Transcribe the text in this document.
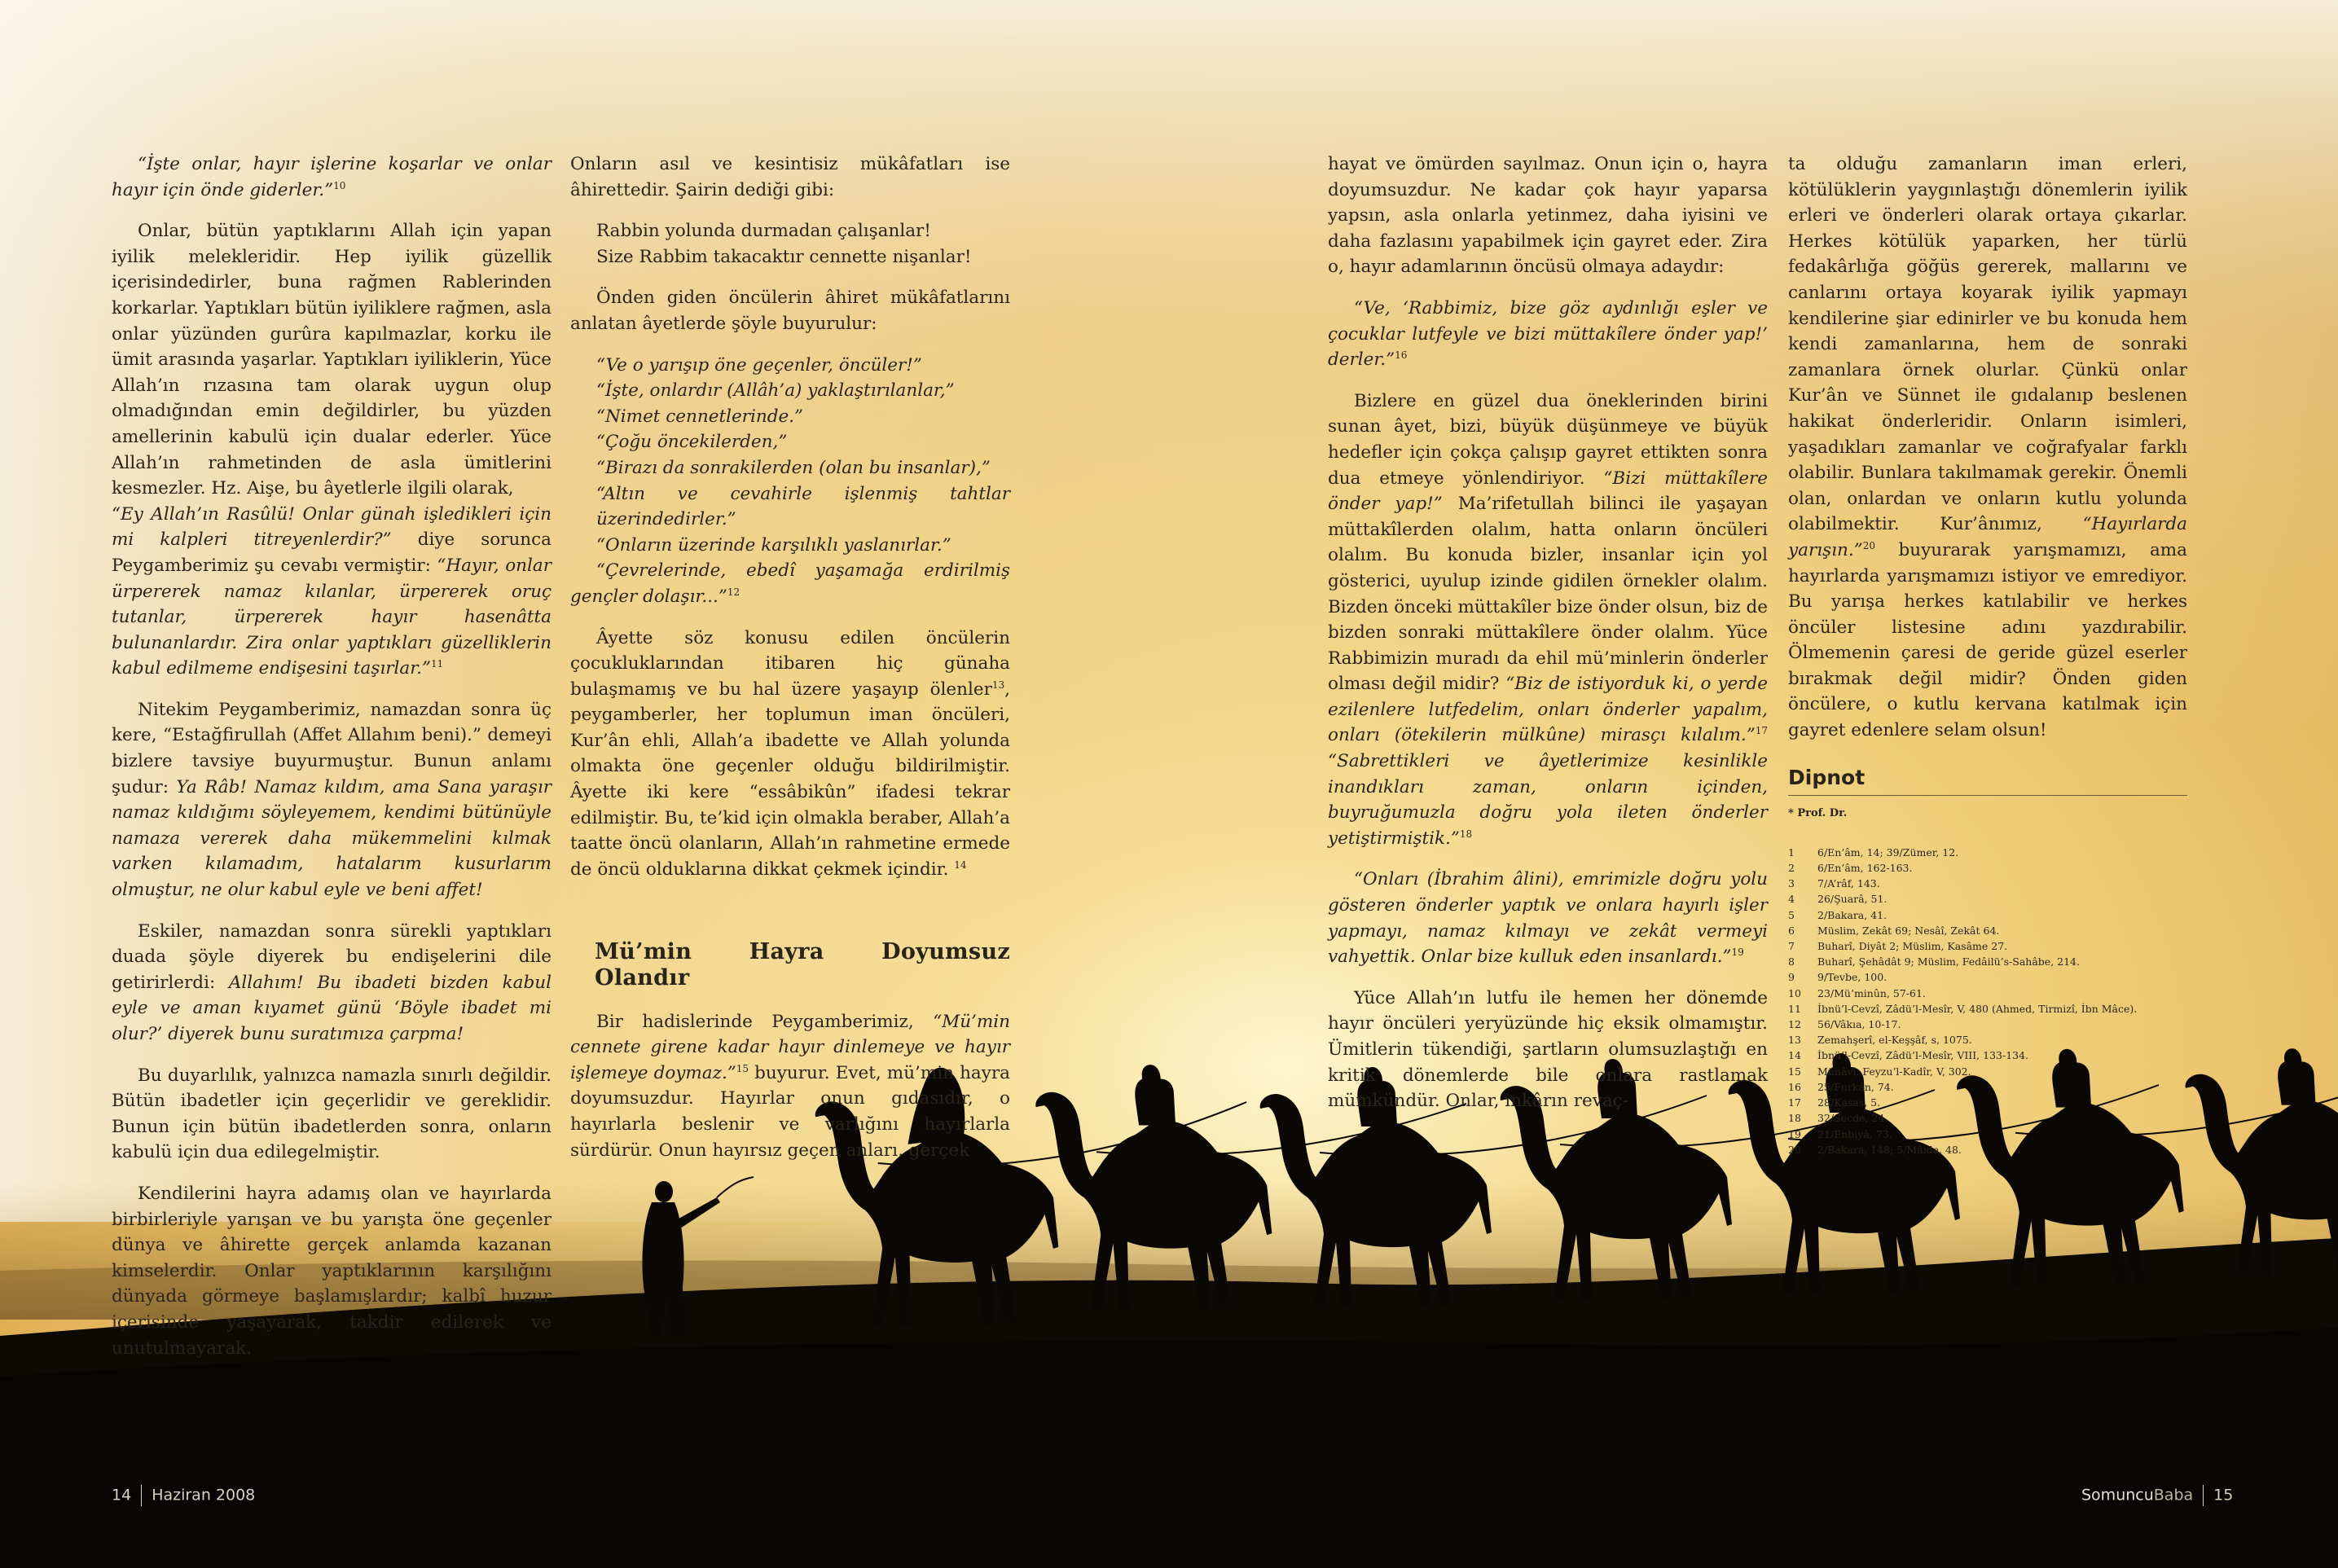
“İşte onlar, hayır işlerine koşarlar ve onlar hayır için önde giderler.”$^{10}$

Onlar, bütün yaptıklarını Allah için yapan iyilik melekleridir. Hep iyilik güzellik içerisindedirler, buna rağmen Rablerinden korkarlar. Yaptıkları bütün iyiliklere rağmen, asla onlar yüzünden gurûra kapılmazlar, korku ile ümit arasında yaşarlar. Yaptıkları iyiliklerin, Yüce Allah’ın rızasına tam olarak uygun olup olmadığından emin değildirler, bu yüzden amellerinin kabulü için dualar ederler. Yüce Allah’ın rahmetinden de asla ümitlerini kesmezler. Hz. Aişe, bu âyetlerle ilgili olarak,

“Ey Allah’ın Rasûlü! Onlar günah işledikleri için mi kalpleri titreyenlerdir?” diye sorunca Peygamberimiz şu cevabı vermiştir: “Hayır, onlar ürpererek namaz kılanlar, ürpererek oruç tutanlar, ürpererek hayır hasenâtta bulunanlardır. Zira onlar yaptıkları güzelliklerin kabul edilmeme endişesini taşırlar.”$^{11}$

Nitekim Peygamberimiz, namazdan sonra üç kere, “Estağfirullah (Affet Allahım beni).” demeyi bizlere tavsiye buyurmuştur. Bunun anlamı şudur: Ya Râb! Namaz kıldım, ama Sana yaraşır namaz kıldığımı söyleyemem, kendimi bütünüyle namaza vererek daha mükemmelini kılmak varken kılamadım, hatalarım kusurlarım olmuştur, ne olur kabul eyle ve beni affet!

Eskiler, namazdan sonra sürekli yaptıkları duada şöyle diyerek bu endişelerini dile getirirlerdi: Allahım! Bu ibadeti bizden kabul eyle ve aman kıyamet günü ‘Böyle ibadet mi olur?’ diyerek bunu suratımıza çarpma!

Bu duyarlılık, yalnızca namazla sınırlı değildir. Bütün ibadetler için geçerlidir ve gereklidir. Bunun için bütün ibadetlerden sonra, onların kabulü için dua edilegelmiştir.

Kendilerini hayra adamış olan ve hayırlarda birbirleriyle yarışan ve bu yarışta öne geçenler dünya ve âhirette gerçek anlamda kazanan kimselerdir. Onlar yaptıklarının karşılığını dünyada görmeye başlamışlardır; kalbî huzur içerisinde yaşayarak, takdir edilerek ve unutulmayarak.

Onların asıl ve kesintisiz mükâfatları ise âhirettedir. Şairin dediği gibi:

Rabbin yolunda durmadan çalışanlar!

Size Rabbim takacaktır cennette nişanlar!

Önden giden öncülerin âhiret mükâfatlarını anlatan âyetlerde şöyle buyurulur:

“Ve o yarışıp öne geçenler, öncüler!”

“İşte, onlardır (Allâh’a) yaklaştırılanlar,”

“Nimet cennetlerinde.”

“Çoğu öncekilerden,”

“Birazı da sonrakilerden (olan bu insanlar),”

“Altın ve cevahirle işlenmiş tahtlar üzerindedirler.”

“Onların üzerinde karşılıklı yaslanırlar.”

“Çevrelerinde, ebedî yaşamağa erdirilmiş gençler dolaşır...”$^{12}$

Âyette söz konusu edilen öncülerin çocukluklarından itibaren hiç günaha bulaşmamış ve bu hal üzere yaşayıp ölenler$^{13}$, peygamberler, her toplumun iman öncüleri, Kur’ân ehli, Allah’a ibadette ve Allah yolunda olmakta öne geçenler olduğu bildirilmiştir. Âyette iki kere “essâbikûn” ifadesi tekrar edilmiştir. Bu, te’kid için olmakla beraber, Allah’a taatte öncü olanların, Allah’ın rahmetine ermede de öncü olduklarına dikkat çekmek içindir. $^{14}$

Mü’min Hayra Doyumsuz Olandır

Bir hadislerinde Peygamberimiz, “Mü’min cennete girene kadar hayır dinlemeye ve hayır işlemeye doymaz.”$^{15}$ buyurur. Evet, mü’min hayra doyumsuzdur. Hayırlar onun gıdasıdır, o hayırlarla beslenir ve varlığını hayırlarla sürdürür. Onun hayırsız geçen anları, gerçek

hayat ve ömürden sayılmaz. Onun için o, hayra doyumsuzdur. Ne kadar çok hayır yaparsa yapsın, asla onlarla yetinmez, daha iyisini ve daha fazlasını yapabilmek için gayret eder. Zira o, hayır adamlarının öncüsü olmaya adaydır:

“Ve, ‘Rabbimiz, bize göz aydınlığı eşler ve çocuklar lutfeyle ve bizi müttakîlere önder yap!’ derler.”$^{16}$

Bizlere en güzel dua öneklerinden birini sunan âyet, bizi, büyük düşünmeye ve büyük hedefler için çokça çalışıp gayret ettikten sonra dua etmeye yönlendiriyor. “Bizi müttakîlere önder yap!” Ma’rifetullah bilinci ile yaşayan müttakîlerden olalım, hatta onların öncüleri olalım. Bu konuda bizler, insanlar için yol gösterici, uyulup izinde gidilen örnekler olalım. Bizden önceki müttakîler bize önder olsun, biz de bizden sonraki müttakîlere önder olalım. Yüce Rabbimizin muradı da ehil mü’minlerin önderler olması değil midir? “Biz de istiyorduk ki, o yerde ezilenlere lutfedelim, onları önderler yapalım, onları (ötekilerin mülkûne) mirasçı kılalım.”$^{17}$ “Sabrettikleri ve âyetlerimize kesinlikle inandıkları zaman, onların içinden, buyruğumuzla doğru yola ileten önderler yetiştirmiştik.”$^{18}$

“Onları (İbrahim âlini), emrimizle doğru yolu gösteren önderler yaptık ve onlara hayırlı işler yapmayı, namaz kılmayı ve zekât vermeyi vahyettik. Onlar bize kulluk eden insanlardı.”$^{19}$

Yüce Allah’ın lutfu ile hemen her dönemde hayır öncüleri yeryüzünde hiç eksik olmamıştır. Ümitlerin tükendiği, şartların olumsuzlaştığı en kritik dönemlerde bile onlara rastlamak mümkündür. Onlar, inkârın revaç-

ta olduğu zamanların iman erleri, kötülüklerin yaygınlaştığı dönemlerin iyilik erleri ve önderleri olarak ortaya çıkarlar. Herkes kötülük yaparken, her türlü fedakârlığa göğüs gererek, mallarını ve canlarını ortaya koyarak iyilik yapmayı kendilerine şiar edinirler ve bu konuda hem kendi zamanlarına, hem de sonraki zamanlara örnek olurlar. Çünkü onlar Kur’ân ve Sünnet ile gıdalanıp beslenen hakikat önderleridir. Onların isimleri, yaşadıkları zamanlar ve coğrafyalar farklı olabilir. Bunlara takılmamak gerekir. Önemli olan, onlardan ve onların kutlu yolunda olabilmektir. Kur’ânımız, “Hayırlarda yarışın.”$^{20}$ buyurarak yarışmamızı, ama hayırlarda yarışmamızı istiyor ve emrediyor. Bu yarışa herkes katılabilir ve herkes öncüler listesine adını yazdırabilir. Ölmemenin çaresi de geride güzel eserler bırakmak değil midir? Önden giden öncülere, o kutlu kervana katılmak için gayret edenlere selam olsun!

Dipnot
* Prof. Dr.
1	6/En’âm, 14; 39/Zümer, 12.
2	6/En’âm, 162-163.
3	7/A’râf, 143.
4	26/Şuarâ, 51.
5	2/Bakara, 41.
6	Müslim, Zekât 69; Nesâî, Zekât 64.
7	Buharî, Diyât 2; Müslim, Kasâme 27.
8	Buharî, Şehâdât 9; Müslim, Fedâilü’s-Sahâbe, 214.
9	9/Tevbe, 100.
10	23/Mü’minûn, 57-61.
11	İbnü’l-Cevzî, Zâdü’l-Mesîr, V, 480 (Ahmed, Tirmizî, İbn Mâce).
12	56/Vâkıa, 10-17.
13	Zemahşerî, el-Keşşâf, s, 1075.
14	İbnü’l-Cevzî, Zâdü’l-Mesîr, VIII, 133-134.
15	Münâvî, Feyzu’l-Kadîr, V, 302.
16	25/Furkân, 74.
17	28/Kasas, 5.
18	32/Secde, 24.
19	21/Enbiyâ, 73.
20	2/Bakara, 148; 5/Mâide, 48.
14 Haziran 2008	SomuncuBaba 15
